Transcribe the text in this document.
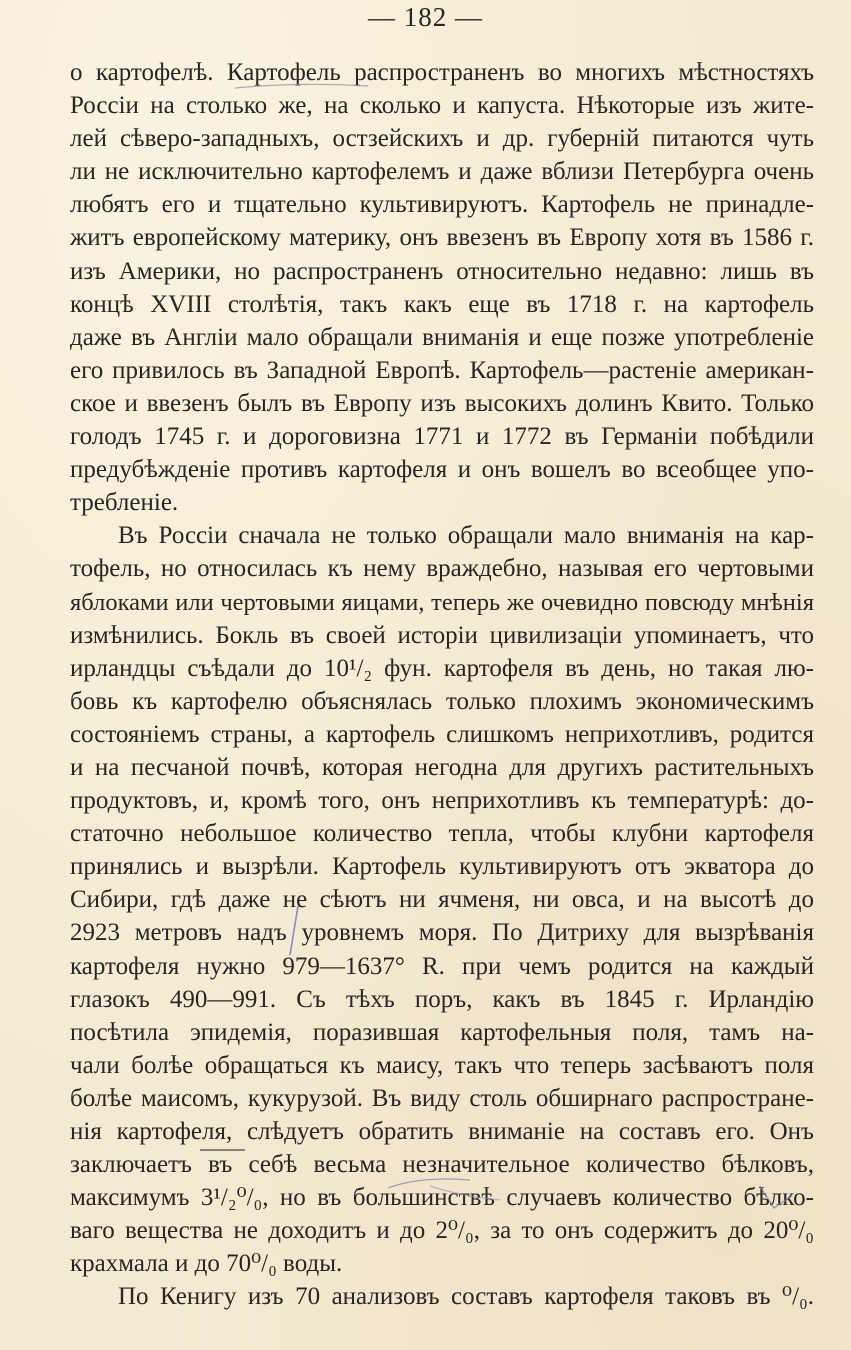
— 182 —
о картофелѣ. Картофель распространенъ во многихъ мѣстностяхъ
Россіи на столько же, на сколько и капуста. Нѣкоторые изъ жите-
лей сѣверо-западныхъ, остзейскихъ и др. губерній питаются чуть
ли не исключительно картофелемъ и даже вблизи Петербурга очень
любятъ его и тщательно культивируютъ. Картофель не принадле-
житъ европейскому материку, онъ ввезенъ въ Европу хотя въ 1586 г.
изъ Америки, но распространенъ относительно недавно: лишь въ
концѣ XVIII столѣтія, такъ какъ еще въ 1718 г. на картофель
даже въ Англіи мало обращали вниманія и еще позже употребленіе
его привилось въ Западной Европѣ. Картофель—растеніе американ-
ское и ввезенъ былъ въ Европу изъ высокихъ долинъ Квито. Только
голодъ 1745 г. и дороговизна 1771 и 1772 въ Германіи побѣдили
предубѣжденіе противъ картофеля и онъ вошелъ во всеобщее упо-
требленіе.
Въ Россіи сначала не только обращали мало вниманія на кар-
тофель, но относилась къ нему враждебно, называя его чертовыми
яблоками или чертовыми яицами, теперь же очевидно повсюду мнѣнія
измѣнились. Бокль въ своей исторіи цивилизаціи упоминаетъ, что
ирландцы съѣдали до 10¹/₂ фун. картофеля въ день, но такая лю-
бовь къ картофелю объяснялась только плохимъ экономическимъ
состояніемъ страны, а картофель слишкомъ неприхотливъ, родится
и на песчаной почвѣ, которая негодна для другихъ растительныхъ
продуктовъ, и, кромѣ того, онъ неприхотливъ къ температурѣ: до-
статочно небольшое количество тепла, чтобы клубни картофеля
принялись и вызрѣли. Картофель культивируютъ отъ экватора до
Сибири, гдѣ даже не сѣютъ ни ячменя, ни овса, и на высотѣ до
2923 метровъ надъ уровнемъ моря. По Дитриху для вызрѣванія
картофеля нужно 979—1637° R. при чемъ родится на каждый
глазокъ 490—991. Съ тѣхъ поръ, какъ въ 1845 г. Ирландію
посѣтила эпидемія, поразившая картофельныя поля, тамъ на-
чали болѣе обращаться къ маису, такъ что теперь засѣваютъ поля
болѣе маисомъ, кукурузой. Въ виду столь обширнаго распростране-
нія картофеля, слѣдуетъ обратить вниманіе на составъ его. Онъ
заключаетъ въ себѣ весьма незначительное количество бѣлковъ,
максимумъ 3¹/₂⁰/₀, но въ большинствѣ случаевъ количество бѣлко-
ваго вещества не доходитъ и до 2⁰/₀, за то онъ содержитъ до 20⁰/₀
крахмала и до 70⁰/₀ воды.
По Кенигу изъ 70 анализовъ составъ картофеля таковъ въ ⁰/₀.
